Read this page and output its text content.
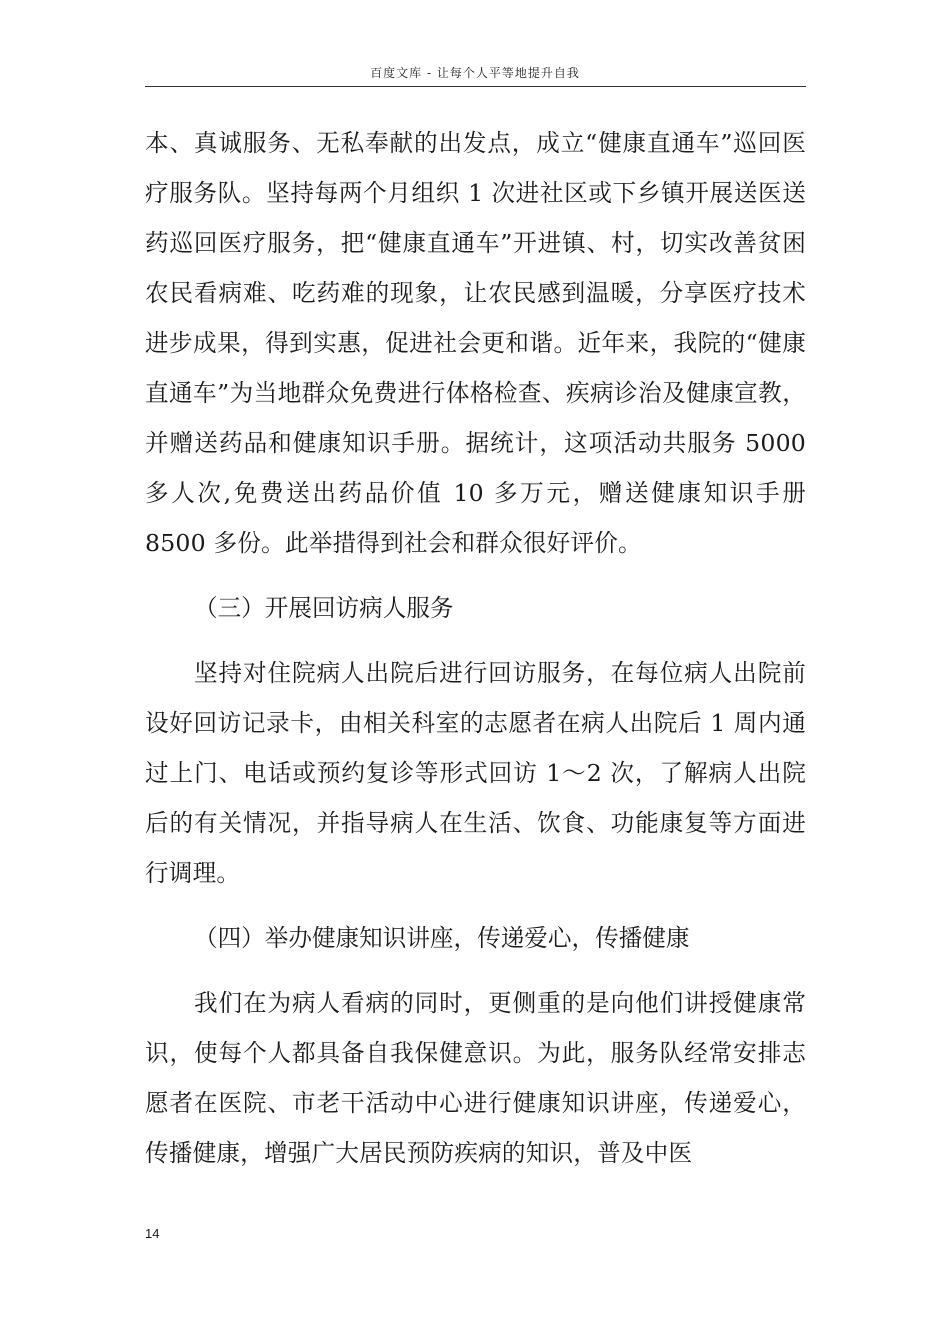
百度文库 - 让每个人平等地提升自我

本、真诚服务、无私奉献的出发点，成立“健康直通车”巡回医疗服务队。坚持每两个月组织 1 次进社区或下乡镇开展送医送药巡回医疗服务，把“健康直通车”开进镇、村，切实改善贫困农民看病难、吃药难的现象，让农民感到温暖，分享医疗技术进步成果，得到实惠，促进社会更和谐。近年来，我院的“健康直通车”为当地群众免费进行体格检查、疾病诊治及健康宣教，并赠送药品和健康知识手册。据统计，这项活动共服务 5000 多人次,免费送出药品价值 10 多万元，赠送健康知识手册 8500 多份。此举措得到社会和群众很好评价。

（三）开展回访病人服务

坚持对住院病人出院后进行回访服务，在每位病人出院前设好回访记录卡，由相关科室的志愿者在病人出院后 1 周内通过上门、电话或预约复诊等形式回访 1～2 次，了解病人出院后的有关情况，并指导病人在生活、饮食、功能康复等方面进行调理。

（四）举办健康知识讲座，传递爱心，传播健康

我们在为病人看病的同时，更侧重的是向他们讲授健康常识，使每个人都具备自我保健意识。为此，服务队经常安排志愿者在医院、市老干活动中心进行健康知识讲座，传递爱心，传播健康，增强广大居民预防疾病的知识，普及中医

14
